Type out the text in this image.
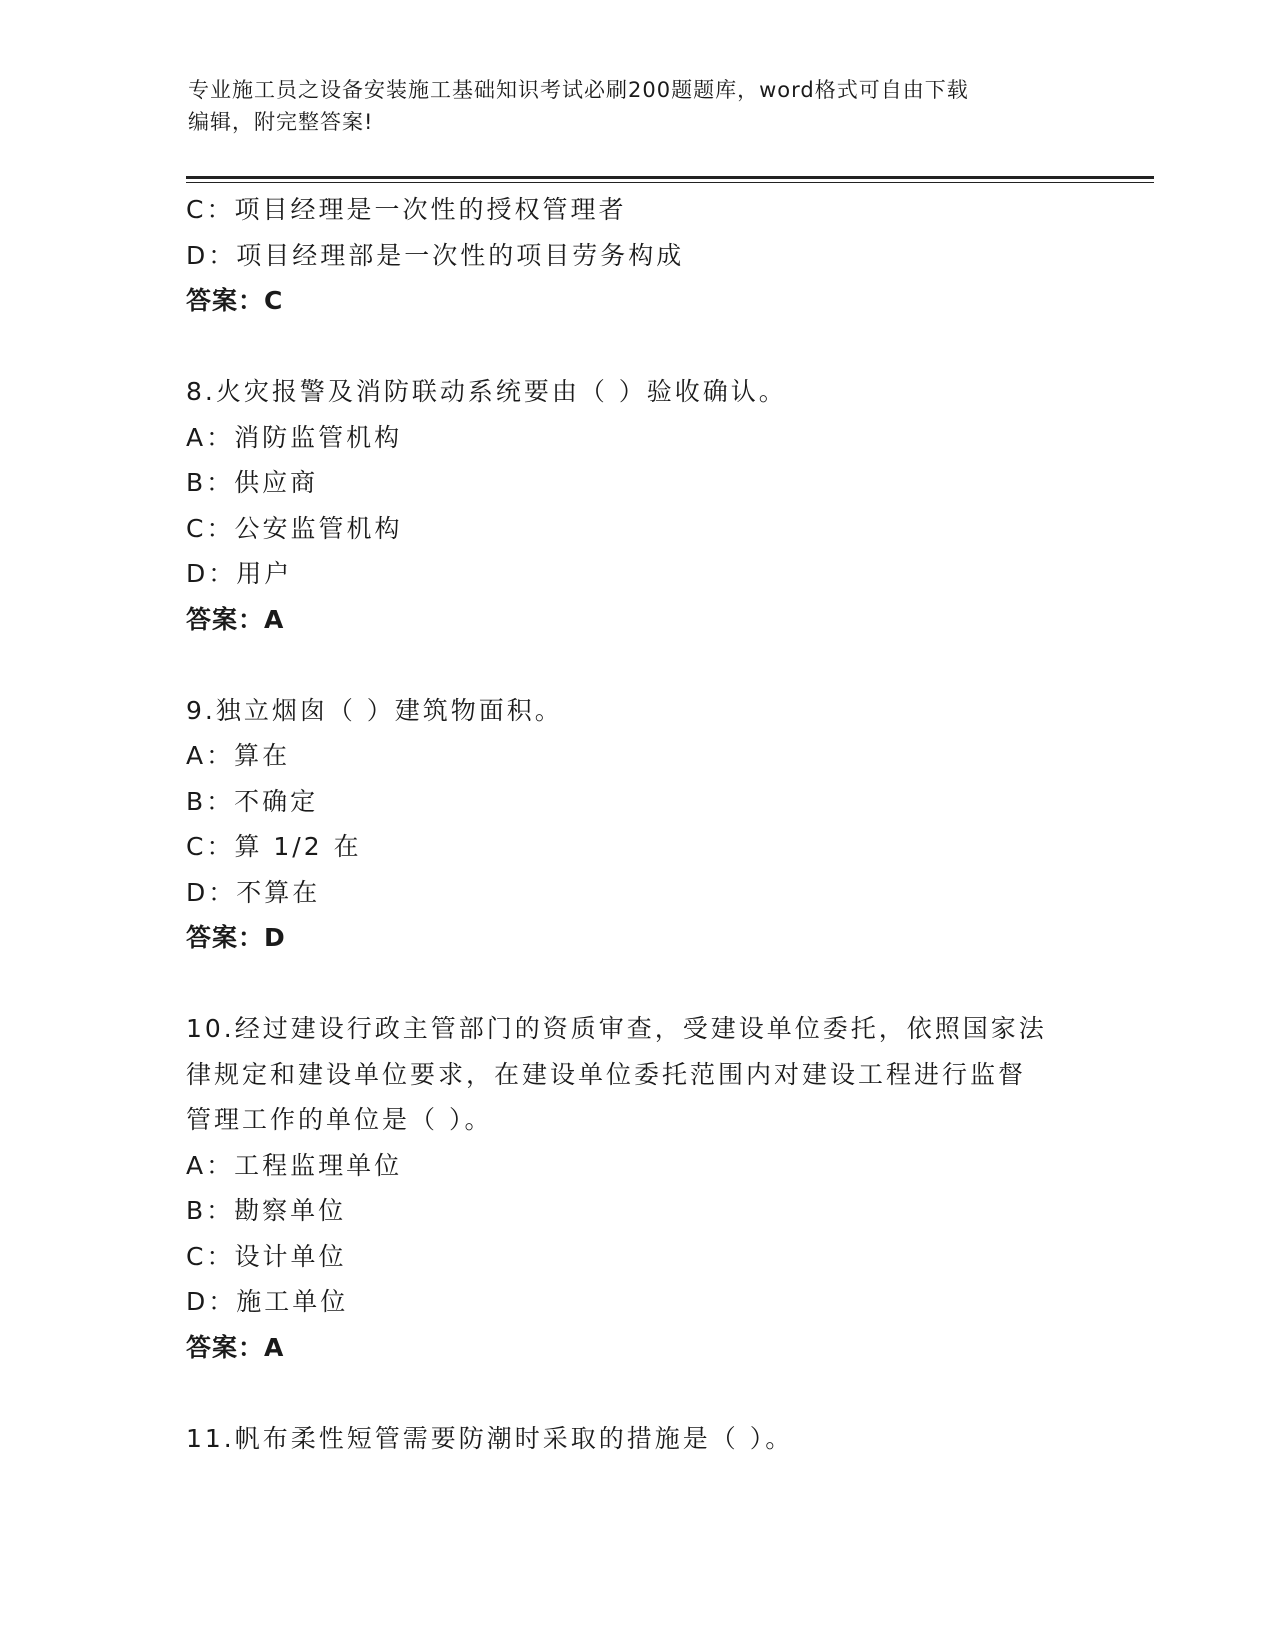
专业施工员之设备安装施工基础知识考试必刷200题题库，word格式可自由下载
编辑，附完整答案!
C：项目经理是一次性的授权管理者
D：项目经理部是一次性的项目劳务构成
答案：C
8.火灾报警及消防联动系统要由（ ）验收确认。
A：消防监管机构
B：供应商
C：公安监管机构
D：用户
答案：A
9.独立烟囱（ ）建筑物面积。
A：算在
B：不确定
C：算 1/2 在
D：不算在
答案：D
10.经过建设行政主管部门的资质审查，受建设单位委托，依照国家法
律规定和建设单位要求，在建设单位委托范围内对建设工程进行监督
管理工作的单位是（ ）。
A：工程监理单位
B：勘察单位
C：设计单位
D：施工单位
答案：A
11.帆布柔性短管需要防潮时采取的措施是（ ）。
